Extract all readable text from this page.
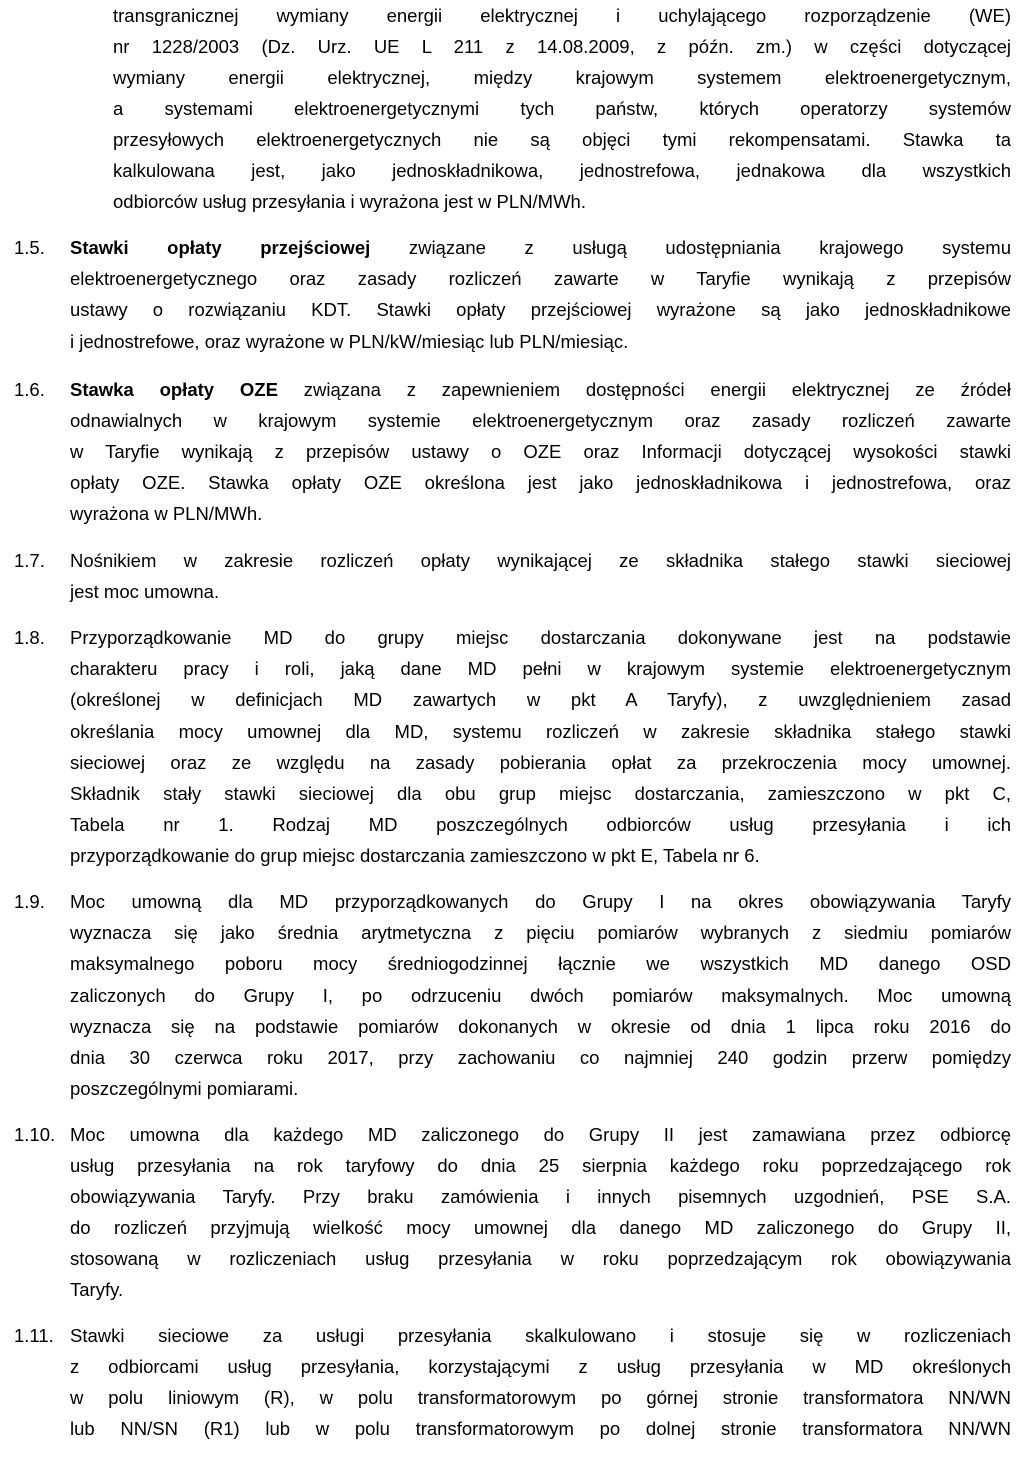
transgranicznej wymiany energii elektrycznej i uchylającego rozporządzenie (WE)
nr 1228/2003 (Dz. Urz. UE L 211 z 14.08.2009, z późn. zm.) w części dotyczącej
wymiany energii elektrycznej, między krajowym systemem elektroenergetycznym,
a systemami elektroenergetycznymi tych państw, których operatorzy systemów
przesyłowych elektroenergetycznych nie są objęci tymi rekompensatami. Stawka ta
kalkulowana jest, jako jednoskładnikowa, jednostrefowa, jednakowa dla wszystkich
odbiorców usług przesyłania i wyrażona jest w PLN/MWh.
1.5. Stawki opłaty przejściowej związane z usługą udostępniania krajowego systemu
elektroenergetycznego oraz zasady rozliczeń zawarte w Taryfie wynikają z przepisów
ustawy o rozwiązaniu KDT. Stawki opłaty przejściowej wyrażone są jako jednoskładnikowe
i jednostrefowe, oraz wyrażone w PLN/kW/miesiąc lub PLN/miesiąc.
1.6. Stawka opłaty OZE związana z zapewnieniem dostępności energii elektrycznej ze źródeł
odnawialnych w krajowym systemie elektroenergetycznym oraz zasady rozliczeń zawarte
w Taryfie wynikają z przepisów ustawy o OZE oraz Informacji dotyczącej wysokości stawki
opłaty OZE. Stawka opłaty OZE określona jest jako jednoskładnikowa i jednostrefowa, oraz
wyrażona w PLN/MWh.
1.7. Nośnikiem w zakresie rozliczeń opłaty wynikającej ze składnika stałego stawki sieciowej
jest moc umowna.
1.8. Przyporządkowanie MD do grupy miejsc dostarczania dokonywane jest na podstawie
charakteru pracy i roli, jaką dane MD pełni w krajowym systemie elektroenergetycznym
(określonej w definicjach MD zawartych w pkt A Taryfy), z uwzględnieniem zasad
określania mocy umownej dla MD, systemu rozliczeń w zakresie składnika stałego stawki
sieciowej oraz ze względu na zasady pobierania opłat za przekroczenia mocy umownej.
Składnik stały stawki sieciowej dla obu grup miejsc dostarczania, zamieszczono w pkt C,
Tabela nr 1. Rodzaj MD poszczególnych odbiorców usług przesyłania i ich
przyporządkowanie do grup miejsc dostarczania zamieszczono w pkt E, Tabela nr 6.
1.9. Moc umowną dla MD przyporządkowanych do Grupy I na okres obowiązywania Taryfy
wyznacza się jako średnia arytmetyczna z pięciu pomiarów wybranych z siedmiu pomiarów
maksymalnego poboru mocy średniogodzinnej łącznie we wszystkich MD danego OSD
zaliczonych do Grupy I, po odrzuceniu dwóch pomiarów maksymalnych. Moc umowną
wyznacza się na podstawie pomiarów dokonanych w okresie od dnia 1 lipca roku 2016 do
dnia 30 czerwca roku 2017, przy zachowaniu co najmniej 240 godzin przerw pomiędzy
poszczególnymi pomiarami.
1.10. Moc umowna dla każdego MD zaliczonego do Grupy II jest zamawiana przez odbiorcę
usług przesyłania na rok taryfowy do dnia 25 sierpnia każdego roku poprzedzającego rok
obowiązywania Taryfy. Przy braku zamówienia i innych pisemnych uzgodnień, PSE S.A.
do rozliczeń przyjmują wielkość mocy umownej dla danego MD zaliczonego do Grupy II,
stosowaną w rozliczeniach usług przesyłania w roku poprzedzającym rok obowiązywania
Taryfy.
1.11. Stawki sieciowe za usługi przesyłania skalkulowano i stosuje się w rozliczeniach
z odbiorcami usług przesyłania, korzystającymi z usług przesyłania w MD określonych
w polu liniowym (R), w polu transformatorowym po górnej stronie transformatora NN/WN
lub NN/SN (R1) lub w polu transformatorowym po dolnej stronie transformatora NN/WN
